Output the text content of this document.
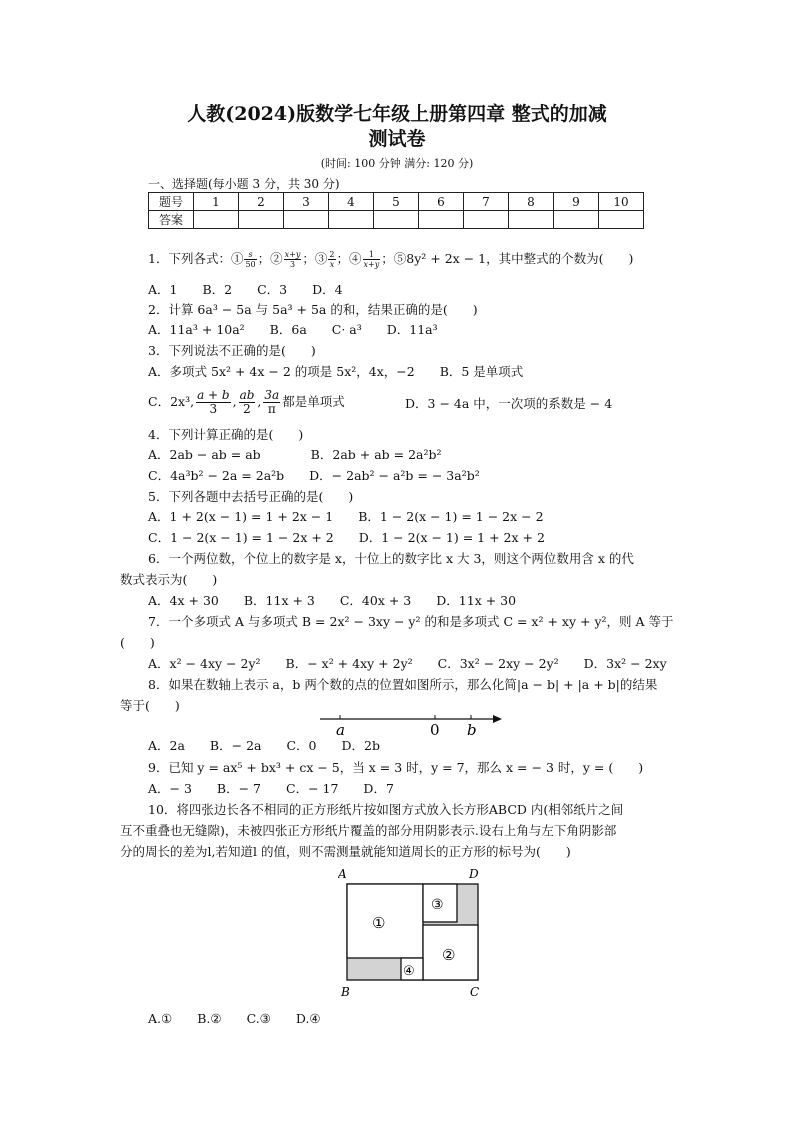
人教(2024)版数学七年级上册第四章 整式的加减
测试卷
(时间: 100 分钟 满分: 120 分)
一、选择题(每小题 3 分，共 30 分)
题号	1	2	3	4	5	6	7	8	9	10
答案										
1．下列各式：① $\frac{s}{50}$ ；② $\frac{x+y}{3}$ ；③ $\frac{2}{x}$ ；④ $\frac{1}{x+y}$ ；⑤8y² + 2x − 1，其中整式的个数为(　　)
A．1　　B．2　　C．3　　D．4
2．计算 6a³ − 5a 与 5a³ + 5a 的和，结果正确的是(　　)
A．11a³ + 10a²　　B．6a　　C· a³　　D．11a³
3．下列说法不正确的是(　　)
A．多项式 5x² + 4x − 2 的项是 5x²，4x，−2　　B．5 是单项式
C．2x³, $\frac{a + b}{3}$ , $\frac{ab}{2}$ , $\frac{3a}{\pi}$ 都是单项式	D．3 − 4a 中，一次项的系数是 − 4
4．下列计算正确的是(　　)
A．2ab − ab = ab　　　　B．2ab + ab = 2a²b²
C．4a³b² − 2a = 2a²b　　D．− 2ab² − a²b = − 3a²b²
5．下列各题中去括号正确的是(　　)
A．1 + 2(x − 1) = 1 + 2x − 1　　B．1 − 2(x − 1) = 1 − 2x − 2
C．1 − 2(x − 1) = 1 − 2x + 2　　D．1 − 2(x − 1) = 1 + 2x + 2
6．一个两位数，个位上的数字是 x，十位上的数字比 x 大 3，则这个两位数用含 x 的代
数式表示为(　　)
A．4x + 30　　B．11x + 3　　C．40x + 3　　D．11x + 30
7．一个多项式 A 与多项式 B = 2x² − 3xy − y² 的和是多项式 C = x² + xy + y²，则 A 等于
(　　)
A．x² − 4xy − 2y²　　B．− x² + 4xy + 2y²　　C．3x² − 2xy − 2y²　　D．3x² − 2xy
8．如果在数轴上表示 a，b 两个数的点的位置如图所示，那么化简|a − b| + |a + b|的结果
等于(　　)
a	0 b
A．2a　　B．− 2a　　C．0　　D．2b
9．已知 y = ax⁵ + bx³ + cx − 5，当 x = 3 时，y = 7，那么 x = − 3 时，y = (　　)
A．− 3　　B．− 7　　C．− 17　　D．7
10．将四张边长各不相同的正方形纸片按如图方式放入长方形ABCD 内(相邻纸片之间
互不重叠也无缝隙)，未被四张正方形纸片覆盖的部分用阴影表示.设右上角与左下角阴影部
分的周长的差为l,若知道l 的值，则不需测量就能知道周长的正方形的标号为(　　)
A	D
B	C
①
③
②
④
A.①　　B.②　　C.③　　D.④
